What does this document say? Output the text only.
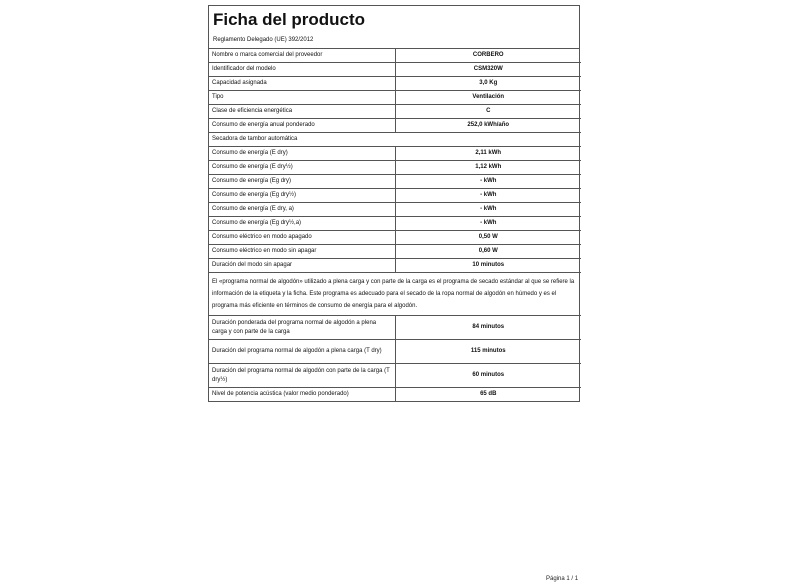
Ficha del producto
Reglamento Delegado (UE) 392/2012
Nombre o marca comercial del proveedor	CORBERO
Identificador del modelo	CSM320W
Capacidad asignada	3,0 Kg
Tipo	Ventilación
Clase de eficiencia energética	C
Consumo de energía anual ponderado	252,0 kWh/año
Secadora de tambor automática	
Consumo de energía (E dry)	2,11 kWh
Consumo de energía (E dry½)	1,12 kWh
Consumo de energía (Eg dry)	- kWh
Consumo de energía (Eg dry½)	- kWh
Consumo de energía (E dry, a)	- kWh
Consumo de energía (Eg dry½,a)	- kWh
Consumo eléctrico en modo apagado	0,50 W
Consumo eléctrico en modo sin apagar	0,60 W
Duración del modo sin apagar	10 minutos
El «programa normal de algodón» utilizado a plena carga y con parte de la carga es el programa de secado estándar al que se refiere la información de la etiqueta y la ficha. Este programa es adecuado para el secado de la ropa normal de algodón en húmedo y es el programa más eficiente en términos de consumo de energía para el algodón.	
Duración ponderada del programa normal de algodón a plena carga y con parte de la carga	84 minutos
Duración del programa normal de algodón a plena carga (T dry)	115 minutos
Duración del programa normal de algodón con parte de la carga (T dry½)	60 minutos
Nivel de potencia acústica (valor medio ponderado)	65 dB
Página 1 / 1
